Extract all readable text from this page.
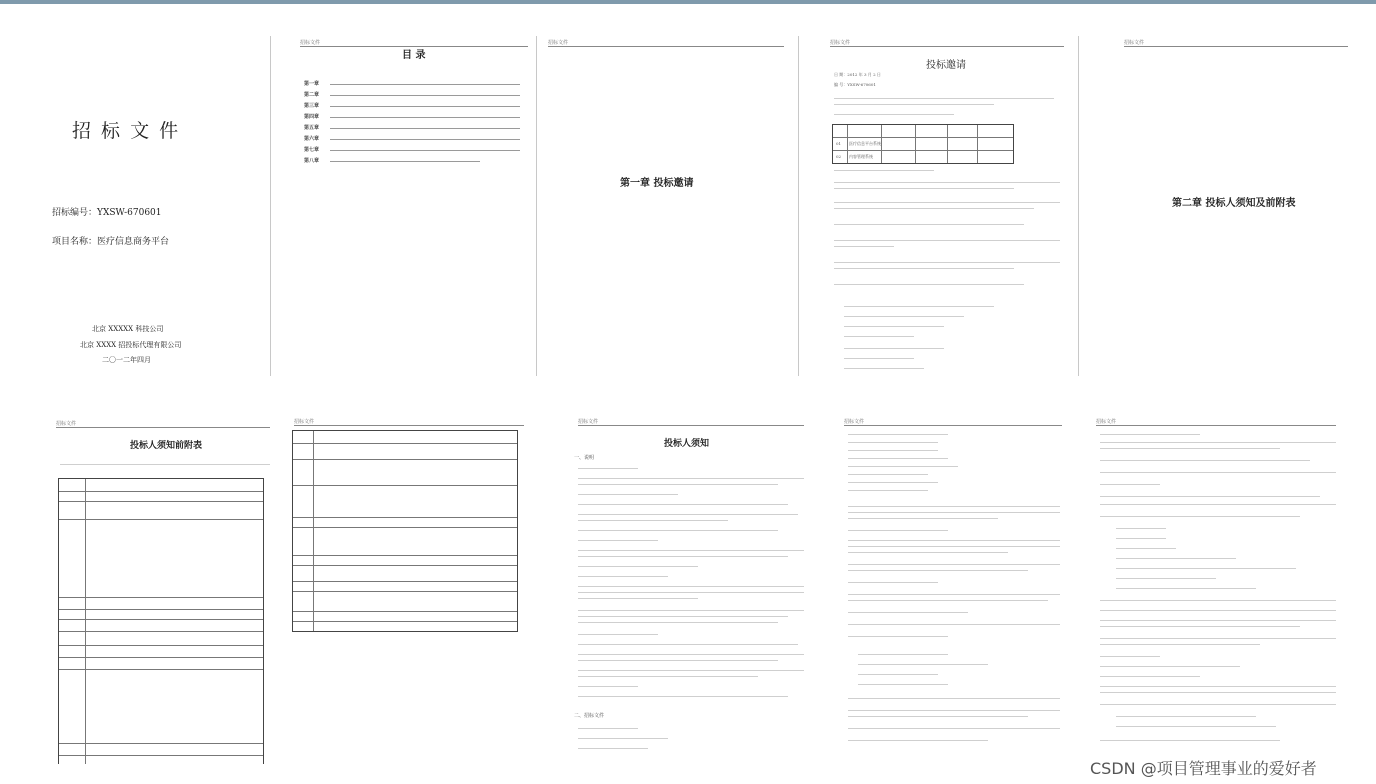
招 标 文 件
招标编号：YXSW-670601
项目名称：医疗信息商务平台
北京 XXXXX 科技公司
北京 XXXX 招投标代理有限公司
二〇一二年四月
招标文件
目 录
第一章
第二章
第三章
第四章
第五章
第六章
第七章
第八章
招标文件
第一章 投标邀请
招标文件
投标邀请
日 期：2012 年 3 月 2 日
编 号：YXSW-670601
01 医疗信息平台系统
02 内容管理系统
招标文件
第二章 投标人须知及前附表
招标文件
投标人须知前附表
招标文件	招标文件
投标人须知
一、说明
二、招标文件
招标文件	招标文件
CSDN @项目管理事业的爱好者
